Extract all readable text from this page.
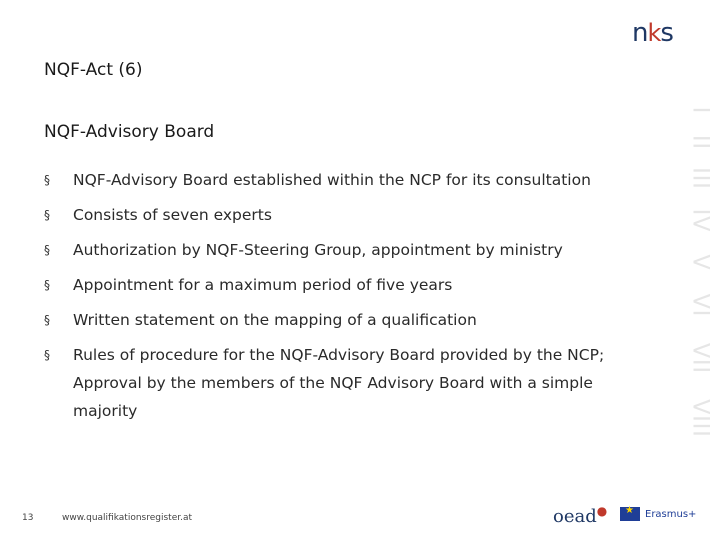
nks
NQF-Act (6)
NQF-Advisory Board
§ NQF-Advisory Board established within the NCP for its consultation
§ Consists of seven experts
§ Authorization by NQF-Steering Group, appointment by ministry
§ Appointment for a maximum period of five years
§ Written statement on the mapping of a qualification
§ Rules of procedure for the NQF-Advisory Board provided by the NCP; Approval by the members of the NQF Advisory Board with a simple majority
I
II
III
IV
V
VI
VII
VIII
13	www.qualifikationsregister.at	oead●
★	Erasmus+
